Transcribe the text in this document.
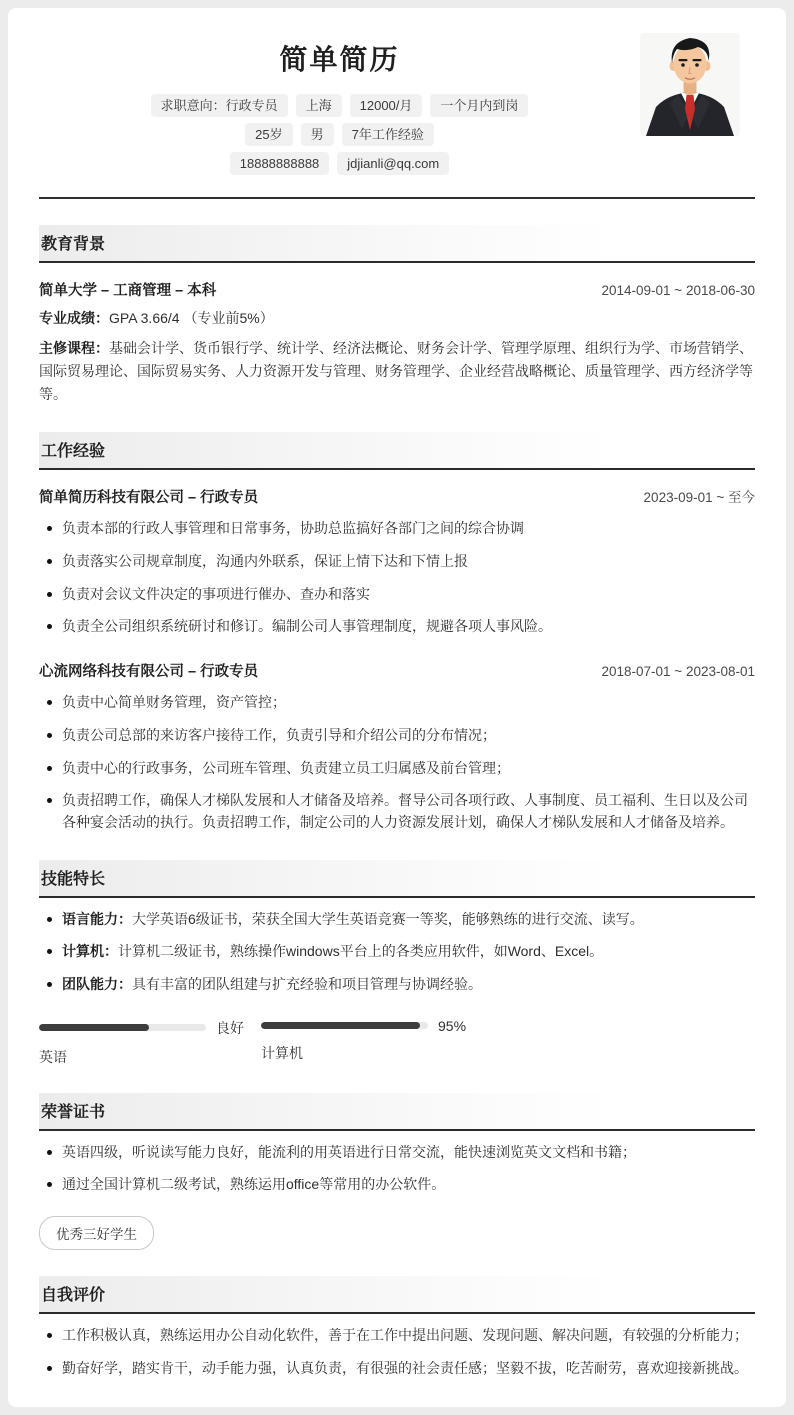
简单简历
求职意向：行政专员	上海	12000/月	一个月内到岗
25岁	男	7年工作经验
18888888888	jdjianli@qq.com
教育背景
简单大学 – 工商管理 – 本科	2014-09-01 ~ 2018-06-30
专业成绩：GPA 3.66/4 （专业前5%）
主修课程：基础会计学、货币银行学、统计学、经济法概论、财务会计学、管理学原理、组织行为学、市场营销学、国际贸易理论、国际贸易实务、人力资源开发与管理、财务管理学、企业经营战略概论、质量管理学、西方经济学等等。
工作经验
简单简历科技有限公司 – 行政专员	2023-09-01 ~ 至今
负责本部的行政人事管理和日常事务，协助总监搞好各部门之间的综合协调
负责落实公司规章制度，沟通内外联系，保证上情下达和下情上报
负责对会议文件决定的事项进行催办、查办和落实
负责全公司组织系统研讨和修订。编制公司人事管理制度，规避各项人事风险。
心流网络科技有限公司 – 行政专员	2018-07-01 ~ 2023-08-01
负责中心简单财务管理，资产管控；
负责公司总部的来访客户接待工作，负责引导和介绍公司的分布情况；
负责中心的行政事务，公司班车管理、负责建立员工归属感及前台管理；
负责招聘工作，确保人才梯队发展和人才储备及培养。督导公司各项行政、人事制度、员工福利、生日以及公司各种宴会活动的执行。负责招聘工作，制定公司的人力资源发展计划，确保人才梯队发展和人才储备及培养。
技能特长
语言能力：大学英语6级证书，荣获全国大学生英语竞赛一等奖，能够熟练的进行交流、读写。
计算机：计算机二级证书，熟练操作windows平台上的各类应用软件，如Word、Excel。
团队能力：具有丰富的团队组建与扩充经验和项目管理与协调经验。
良好
英语
95%
计算机
荣誉证书
英语四级，听说读写能力良好，能流利的用英语进行日常交流，能快速浏览英文文档和书籍；
通过全国计算机二级考试，熟练运用office等常用的办公软件。
优秀三好学生
自我评价
工作积极认真，熟练运用办公自动化软件，善于在工作中提出问题、发现问题、解决问题，有较强的分析能力；
勤奋好学，踏实肯干，动手能力强，认真负责，有很强的社会责任感；坚毅不拔，吃苦耐劳，喜欢迎接新挑战。
